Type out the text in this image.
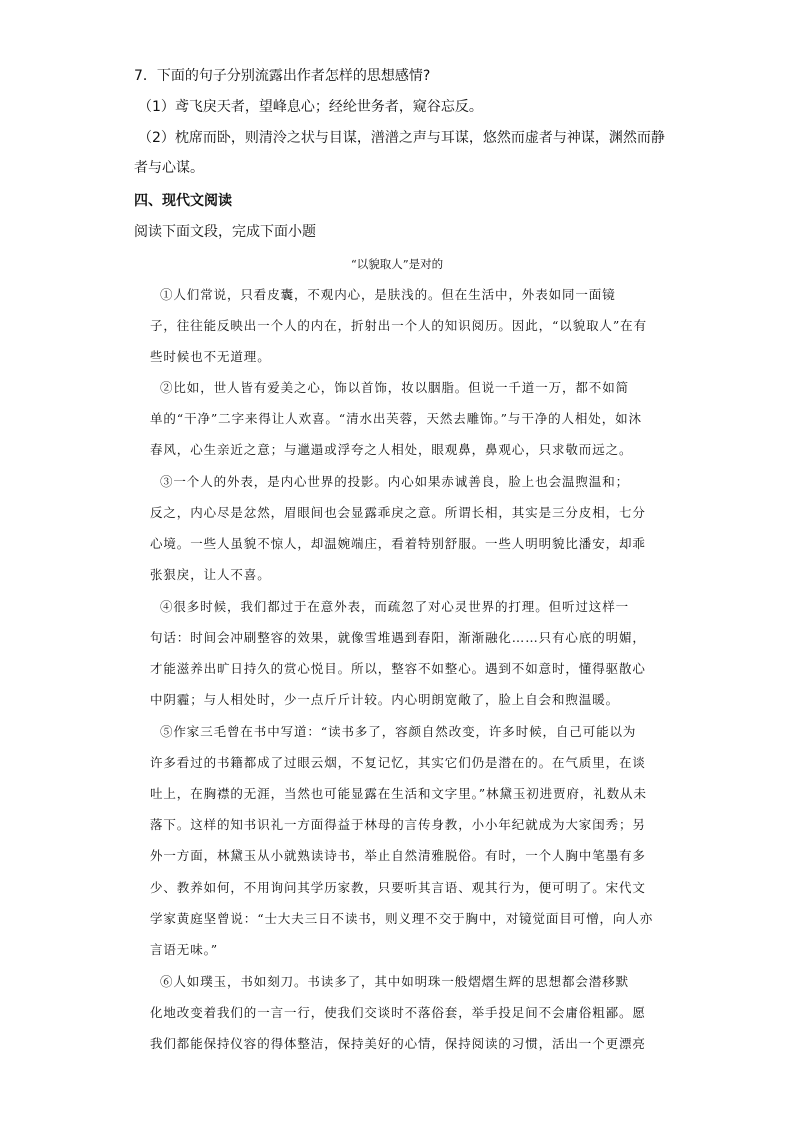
7．下面的句子分别流露出作者怎样的思想感情?
（1）鸢飞戾天者，望峰息心；经纶世务者，窥谷忘反。
（2）枕席而卧，则清泠之状与目谋，潽潽之声与耳谋，悠然而虚者与神谋，渊然而静
者与心谋。
四、现代文阅读
阅读下面文段，完成下面小题
“以貌取人”是对的
①人们常说，只看皮囊，不观内心，是肤浅的。但在生活中，外表如同一面镜
子，往往能反映出一个人的内在，折射出一个人的知识阅历。因此，“以貌取人”在有
些时候也不无道理。
②比如，世人皆有爱美之心，饰以首饰，妆以胭脂。但说一千道一万，都不如简
单的“干净”二字来得让人欢喜。“清水出芙蓉，天然去雕饰。”与干净的人相处，如沐
春风，心生亲近之意；与邋遢或浮夸之人相处，眼观鼻，鼻观心，只求敬而远之。
③一个人的外表，是内心世界的投影。内心如果赤诚善良，脸上也会温煦温和；
反之，内心尽是忿然，眉眼间也会显露乖戾之意。所谓长相，其实是三分皮相，七分
心境。一些人虽貌不惊人，却温婉端庄，看着特别舒服。一些人明明貌比潘安，却乖
张狠戾，让人不喜。
④很多时候，我们都过于在意外表，而疏忽了对心灵世界的打理。但听过这样一
句话：时间会冲刷整容的效果，就像雪堆遇到春阳，渐渐融化……只有心底的明媚，
才能滋养出旷日持久的赏心悦目。所以，整容不如整心。遇到不如意时，懂得驱散心
中阴霾；与人相处时，少一点斤斤计较。内心明朗宽敞了，脸上自会和煦温暖。
⑤作家三毛曾在书中写道：“读书多了，容颜自然改变，许多时候，自己可能以为
许多看过的书籍都成了过眼云烟，不复记忆，其实它们仍是潜在的。在气质里，在谈
吐上，在胸襟的无涯，当然也可能显露在生活和文字里。”林黛玉初进贾府，礼数从未
落下。这样的知书识礼一方面得益于林母的言传身教，小小年纪就成为大家闺秀；另
外一方面，林黛玉从小就熟读诗书，举止自然清雅脱俗。有时，一个人胸中笔墨有多
少、教养如何，不用询问其学历家教，只要听其言语、观其行为，便可明了。宋代文
学家黄庭坚曾说：“士大夫三日不读书，则义理不交于胸中，对镜觉面目可憎，向人亦
言语无味。”
⑥人如璞玉，书如刻刀。书读多了，其中如明珠一般熠熠生辉的思想都会潜移默
化地改变着我们的一言一行，使我们交谈时不落俗套，举手投足间不会庸俗粗鄙。愿
我们都能保持仪容的得体整洁，保持美好的心情，保持阅读的习惯，活出一个更漂亮
